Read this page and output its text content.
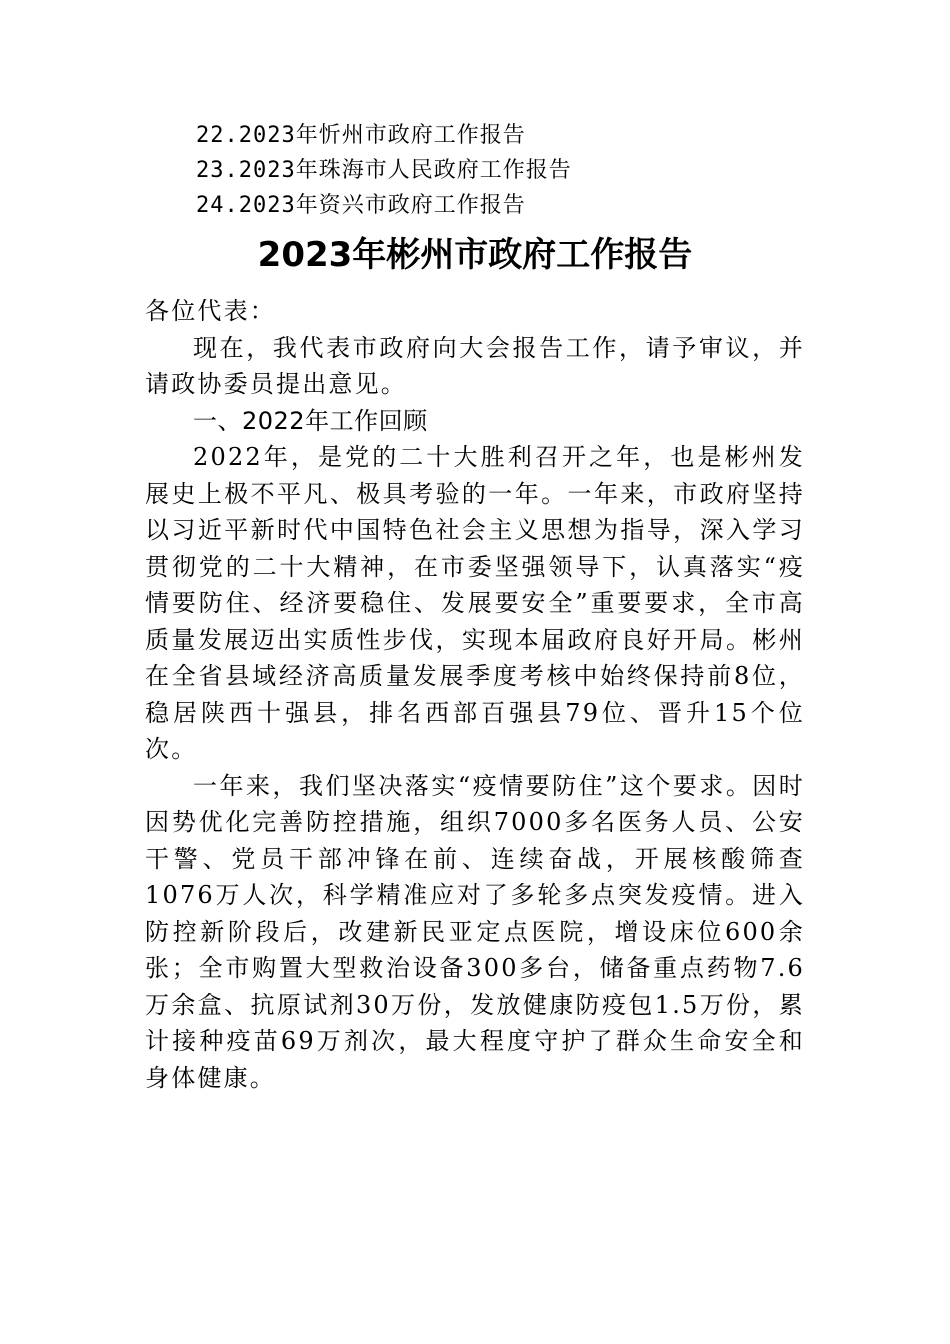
22.2023年忻州市政府工作报告
23.2023年珠海市人民政府工作报告
24.2023年资兴市政府工作报告
2023年彬州市政府工作报告

各位代表：

现在，我代表市政府向大会报告工作，请予审议，并请政协委员提出意见。

一、2022年工作回顾

2022年，是党的二十大胜利召开之年，也是彬州发展史上极不平凡、极具考验的一年。一年来，市政府坚持以习近平新时代中国特色社会主义思想为指导，深入学习贯彻党的二十大精神，在市委坚强领导下，认真落实“疫情要防住、经济要稳住、发展要安全”重要要求，全市高质量发展迈出实质性步伐，实现本届政府良好开局。彬州在全省县域经济高质量发展季度考核中始终保持前8位，稳居陕西十强县，排名西部百强县79位、晋升15个位次。

一年来，我们坚决落实“疫情要防住”这个要求。因时因势优化完善防控措施，组织7000多名医务人员、公安干警、党员干部冲锋在前、连续奋战，开展核酸筛查1076万人次，科学精准应对了多轮多点突发疫情。进入防控新阶段后，改建新民亚定点医院，增设床位600余张；全市购置大型救治设备300多台，储备重点药物7.6万余盒、抗原试剂30万份，发放健康防疫包1.5万份，累计接种疫苗69万剂次，最大程度守护了群众生命安全和身体健康。
